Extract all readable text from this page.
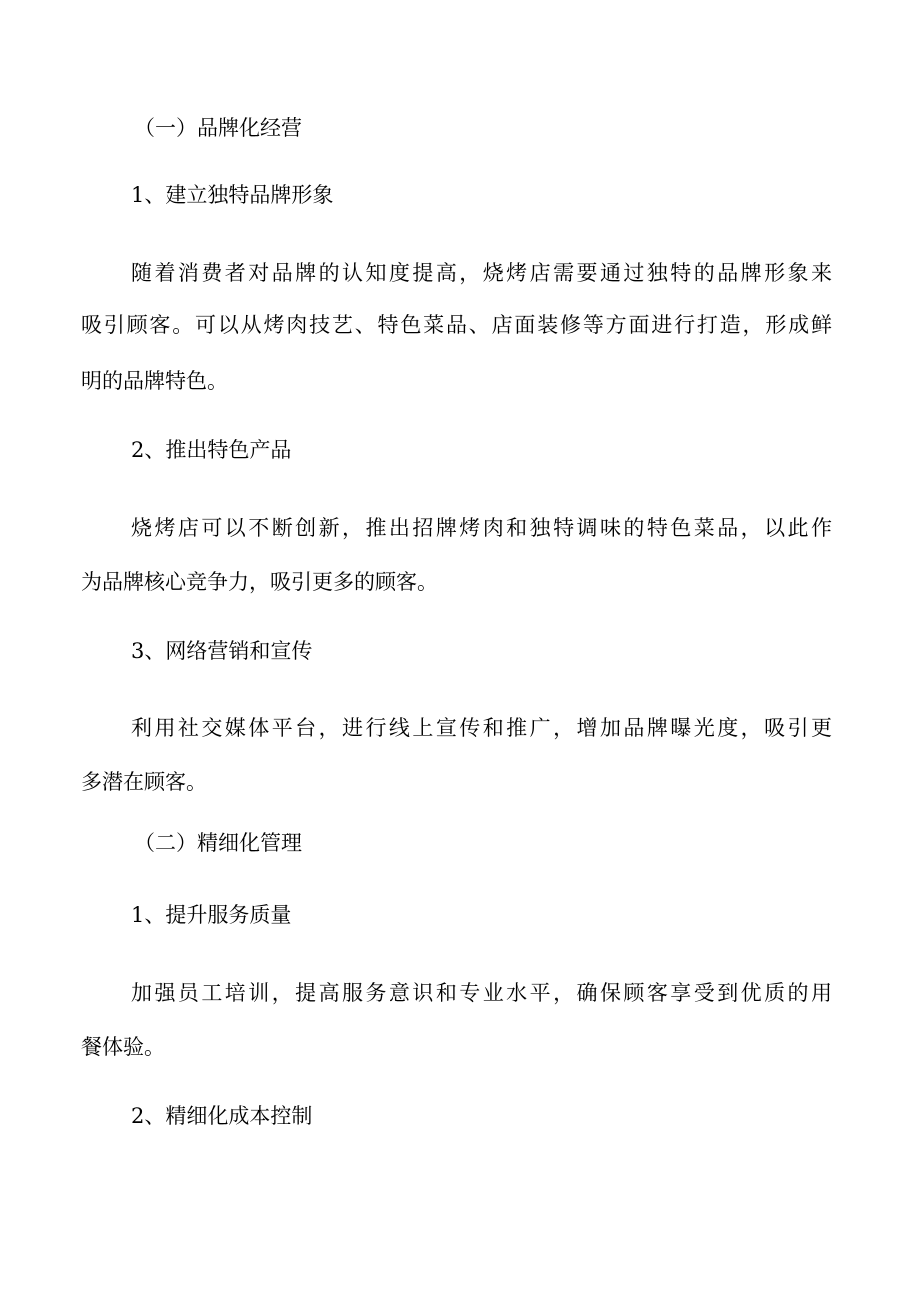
（一）品牌化经营
1、建立独特品牌形象
随着消费者对品牌的认知度提高，烧烤店需要通过独特的品牌形象来
吸引顾客。可以从烤肉技艺、特色菜品、店面装修等方面进行打造，形成鲜
明的品牌特色。
2、推出特色产品
烧烤店可以不断创新，推出招牌烤肉和独特调味的特色菜品，以此作
为品牌核心竞争力，吸引更多的顾客。
3、网络营销和宣传
利用社交媒体平台，进行线上宣传和推广，增加品牌曝光度，吸引更
多潜在顾客。
（二）精细化管理
1、提升服务质量
加强员工培训，提高服务意识和专业水平，确保顾客享受到优质的用
餐体验。
2、精细化成本控制
